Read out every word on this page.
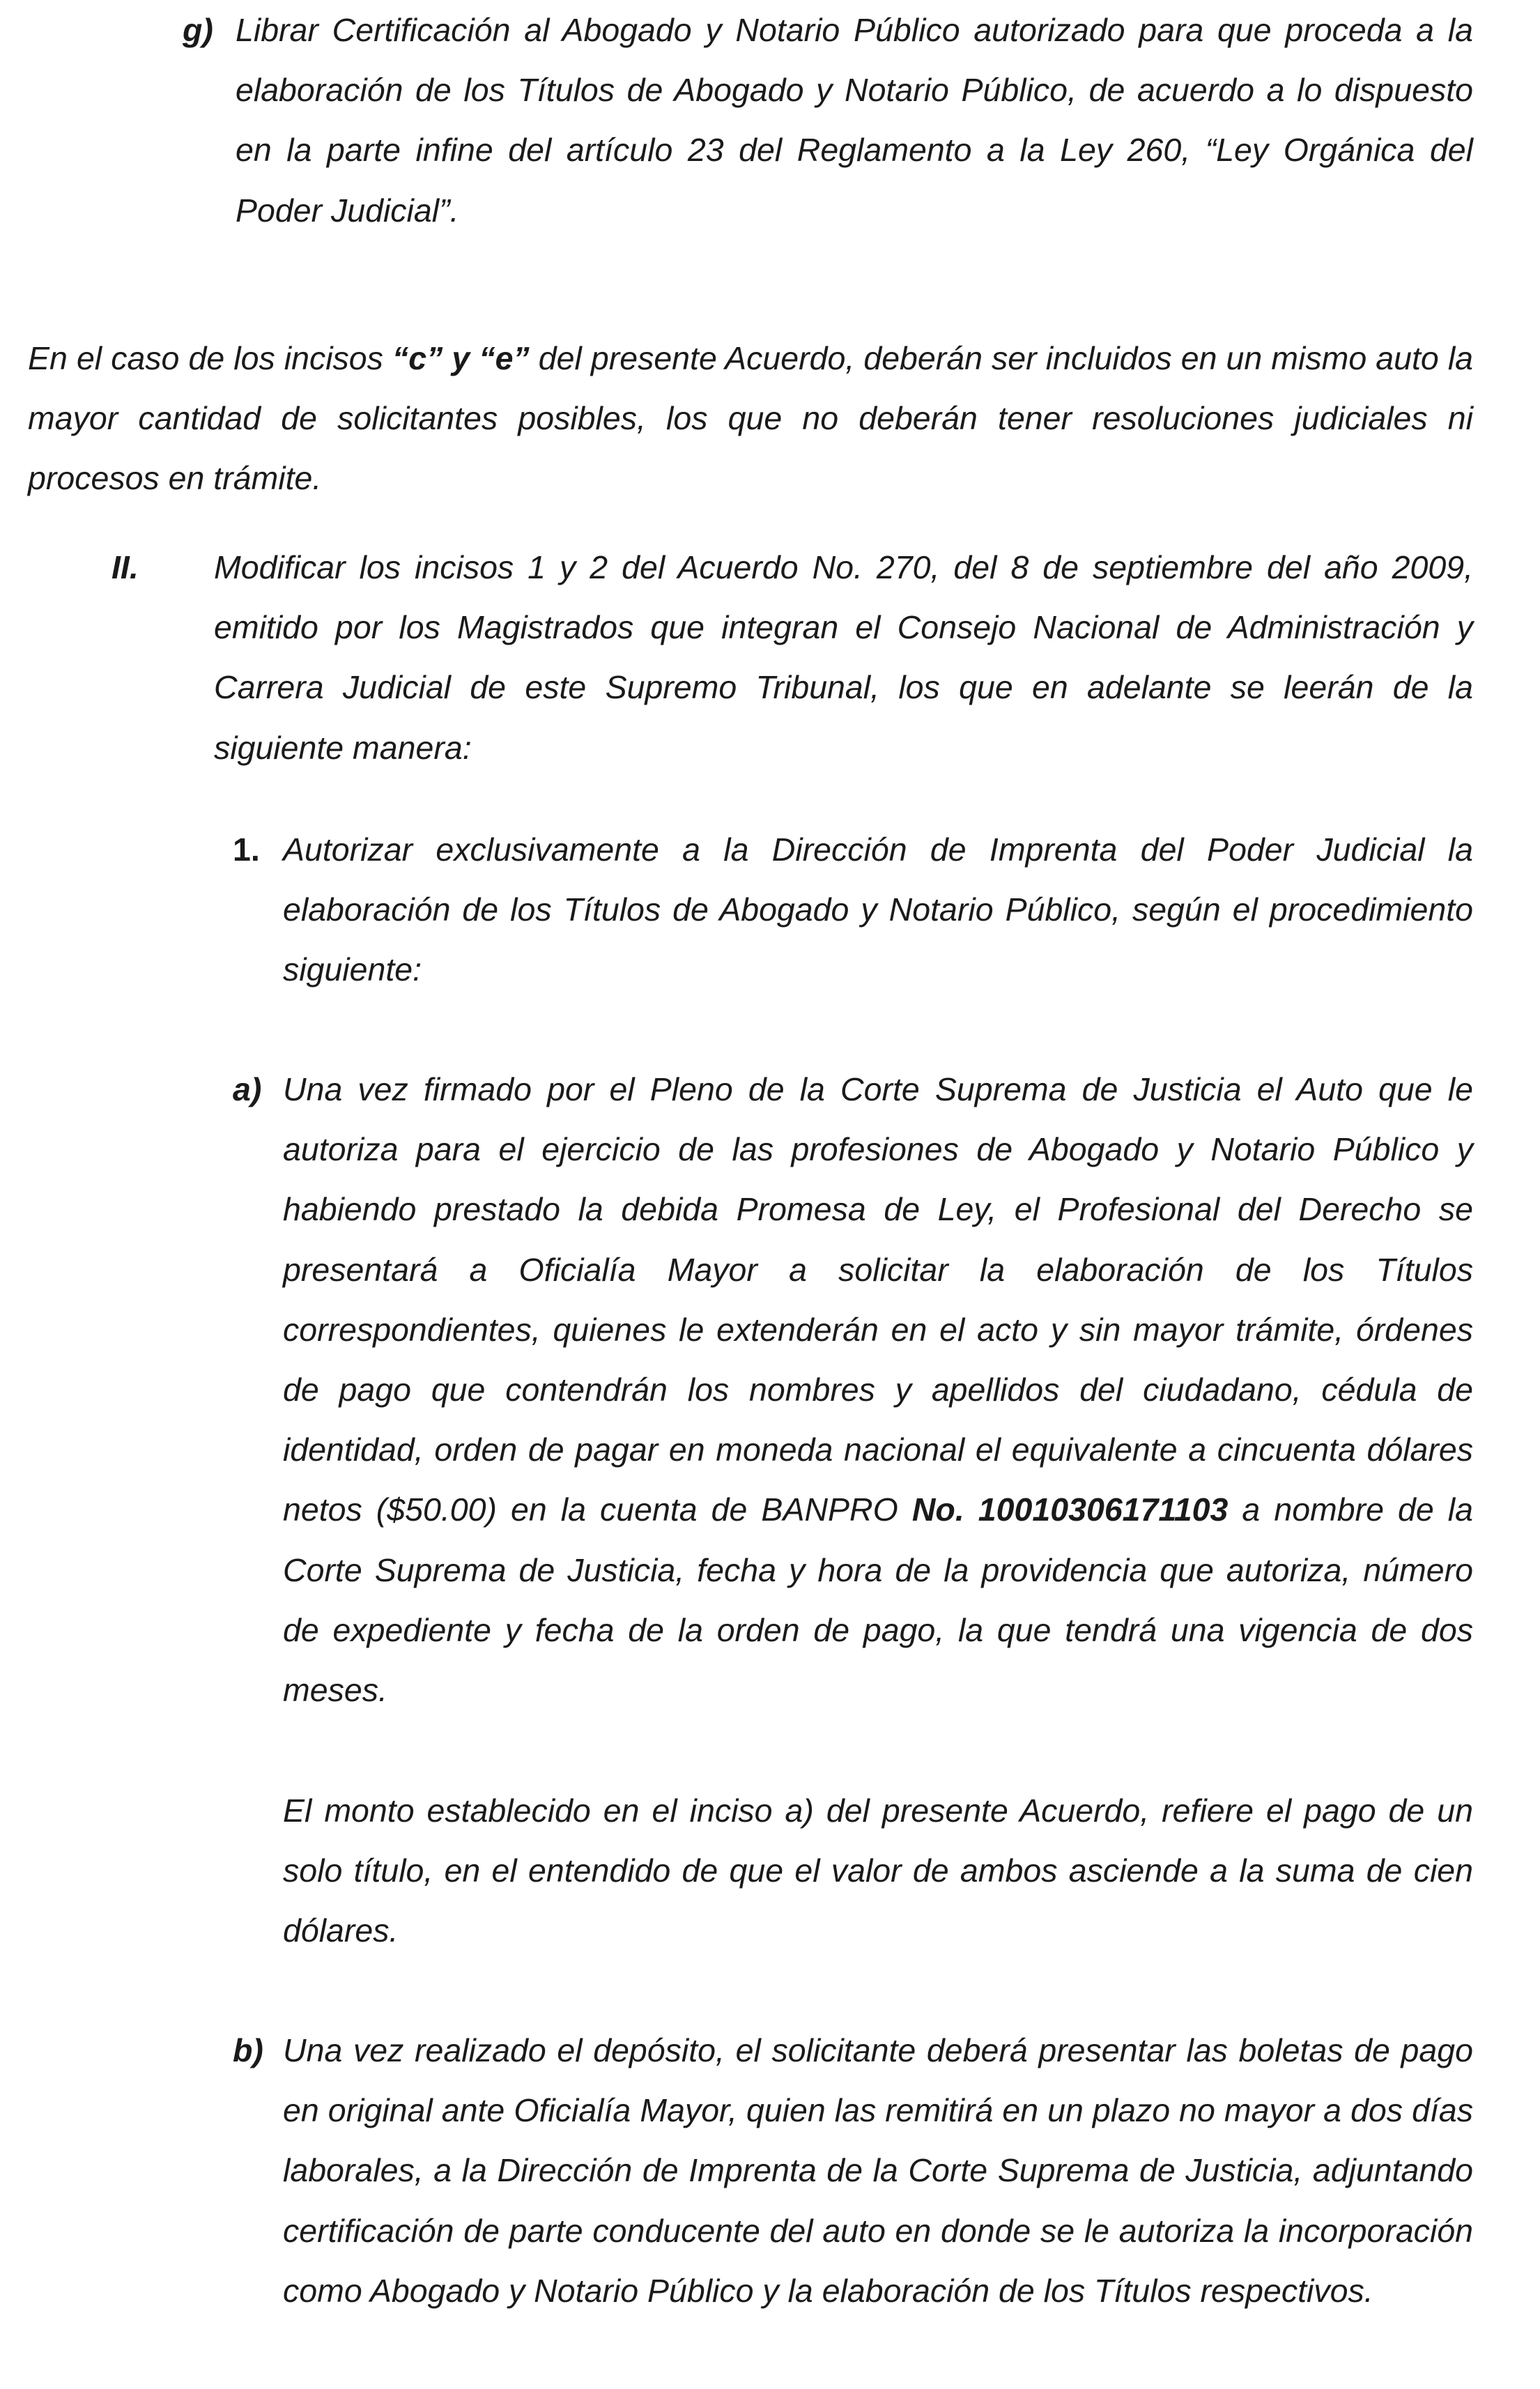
g) Librar Certificación al Abogado y Notario Público autorizado para que proceda a la elaboración de los Títulos de Abogado y Notario Público, de acuerdo a lo dispuesto en la parte infine del artículo 23 del Reglamento a la Ley 260, “Ley Orgánica del Poder Judicial”.

En el caso de los incisos “c” y “e” del presente Acuerdo, deberán ser incluidos en un mismo auto la mayor cantidad de solicitantes posibles, los que no deberán tener resoluciones judiciales ni procesos en trámite.

II. Modificar los incisos 1 y 2 del Acuerdo No. 270, del 8 de septiembre del año 2009, emitido por los Magistrados que integran el Consejo Nacional de Administración y Carrera Judicial de este Supremo Tribunal, los que en adelante se leerán de la siguiente manera:

1. Autorizar exclusivamente a la Dirección de Imprenta del Poder Judicial la elaboración de los Títulos de Abogado y Notario Público, según el procedimiento siguiente:

a) Una vez firmado por el Pleno de la Corte Suprema de Justicia el Auto que le autoriza para el ejercicio de las profesiones de Abogado y Notario Público y habiendo prestado la debida Promesa de Ley, el Profesional del Derecho se presentará a Oficialía Mayor a solicitar la elaboración de los Títulos correspondientes, quienes le extenderán en el acto y sin mayor trámite, órdenes de pago que contendrán los nombres y apellidos del ciudadano, cédula de identidad, orden de pagar en moneda nacional el equivalente a cincuenta dólares netos ($50.00) en la cuenta de BANPRO No. 10010306171103 a nombre de la Corte Suprema de Justicia, fecha y hora de la providencia que autoriza, número de expediente y fecha de la orden de pago, la que tendrá una vigencia de dos meses.

El monto establecido en el inciso a) del presente Acuerdo, refiere el pago de un solo título, en el entendido de que el valor de ambos asciende a la suma de cien dólares.

b) Una vez realizado el depósito, el solicitante deberá presentar las boletas de pago en original ante Oficialía Mayor, quien las remitirá en un plazo no mayor a dos días laborales, a la Dirección de Imprenta de la Corte Suprema de Justicia, adjuntando certificación de parte conducente del auto en donde se le autoriza la incorporación como Abogado y Notario Público y la elaboración de los Títulos respectivos.
